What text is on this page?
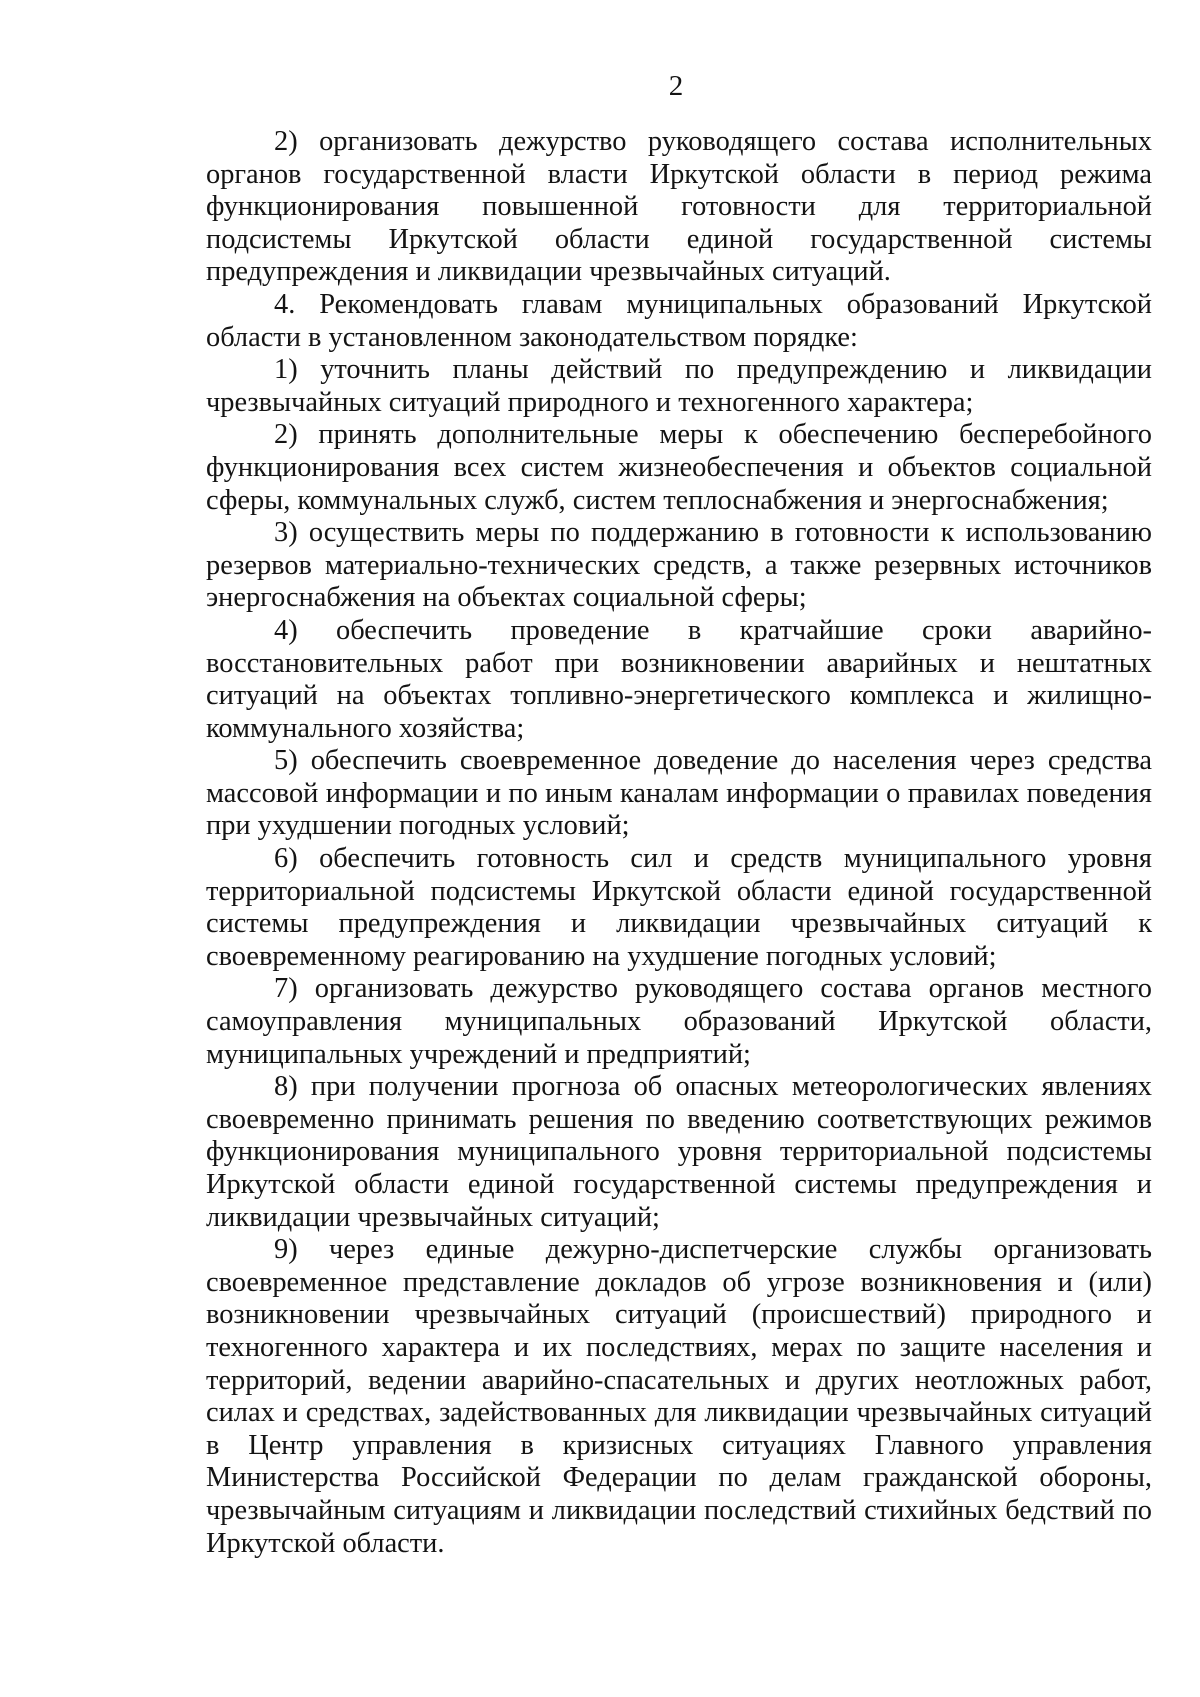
2

2) организовать дежурство руководящего состава исполнительных органов государственной власти Иркутской области в период режима функционирования повышенной готовности для территориальной подсистемы Иркутской области единой государственной системы предупреждения и ликвидации чрезвычайных ситуаций.

4. Рекомендовать главам муниципальных образований Иркутской области в установленном законодательством порядке:

1) уточнить планы действий по предупреждению и ликвидации чрезвычайных ситуаций природного и техногенного характера;

2) принять дополнительные меры к обеспечению бесперебойного функционирования всех систем жизнеобеспечения и объектов социальной сферы, коммунальных служб, систем теплоснабжения и энергоснабжения;

3) осуществить меры по поддержанию в готовности к использованию резервов материально-технических средств, а также резервных источников энергоснабжения на объектах социальной сферы;

4) обеспечить проведение в кратчайшие сроки аварийно-восстановительных работ при возникновении аварийных и нештатных ситуаций на объектах топливно-энергетического комплекса и жилищно-коммунального хозяйства;

5) обеспечить своевременное доведение до населения через средства массовой информации и по иным каналам информации о правилах поведения при ухудшении погодных условий;

6) обеспечить готовность сил и средств муниципального уровня территориальной подсистемы Иркутской области единой государственной системы предупреждения и ликвидации чрезвычайных ситуаций к своевременному реагированию на ухудшение погодных условий;

7) организовать дежурство руководящего состава органов местного самоуправления муниципальных образований Иркутской области, муниципальных учреждений и предприятий;

8) при получении прогноза об опасных метеорологических явлениях своевременно принимать решения по введению соответствующих режимов функционирования муниципального уровня территориальной подсистемы Иркутской области единой государственной системы предупреждения и ликвидации чрезвычайных ситуаций;

9) через единые дежурно-диспетчерские службы организовать своевременное представление докладов об угрозе возникновения и (или) возникновении чрезвычайных ситуаций (происшествий) природного и техногенного характера и их последствиях, мерах по защите населения и территорий, ведении аварийно-спасательных и других неотложных работ, силах и средствах, задействованных для ликвидации чрезвычайных ситуаций в Центр управления в кризисных ситуациях Главного управления Министерства Российской Федерации по делам гражданской обороны, чрезвычайным ситуациям и ликвидации последствий стихийных бедствий по Иркутской области.
